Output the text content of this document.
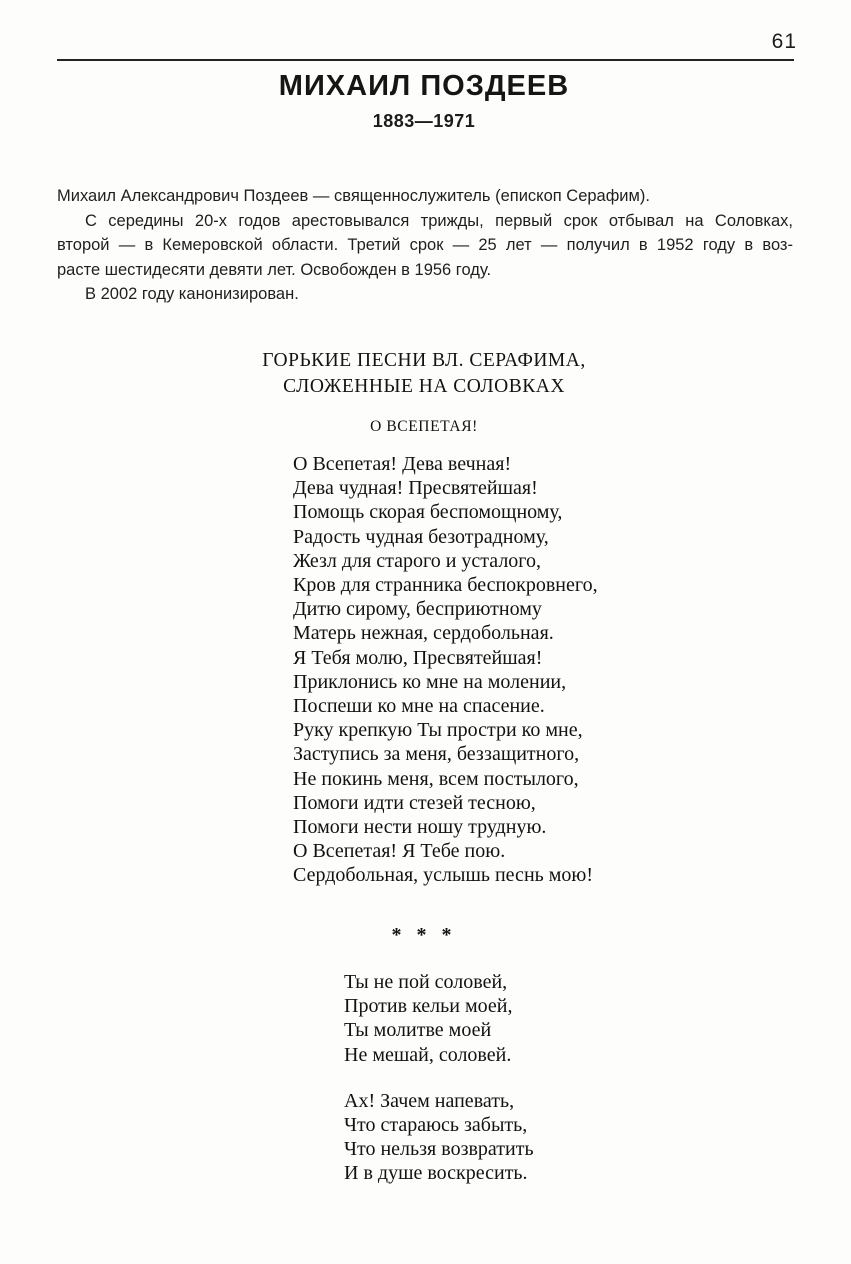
61
МИХАИЛ ПОЗДЕЕВ
1883—1971
Михаил Александрович Поздеев — священнослужитель (епископ Серафим).
С середины 20-х годов арестовывался трижды, первый срок отбывал на Соловках,
второй — в Кемеровской области. Третий срок — 25 лет — получил в 1952 году в воз-
расте шестидесяти девяти лет. Освобожден в 1956 году.
В 2002 году канонизирован.
ГОРЬКИЕ ПЕСНИ ВЛ. СЕРАФИМА,
СЛОЖЕННЫЕ НА СОЛОВКАХ
О ВСЕПЕТАЯ!
О Всепетая! Дева вечная!
Дева чудная! Пресвятейшая!
Помощь скорая беспомощному,
Радость чудная безотрадному,
Жезл для старого и усталого,
Кров для странника беспокровнего,
Дитю сирому, бесприютному
Матерь нежная, сердобольная.
Я Тебя молю, Пресвятейшая!
Приклонись ко мне на молении,
Поспеши ко мне на спасение.
Руку крепкую Ты простри ко мне,
Заступись за меня, беззащитного,
Не покинь меня, всем постылого,
Помоги идти стезей тесною,
Помоги нести ношу трудную.
О Всепетая! Я Тебе пою.
Сердобольная, услышь песнь мою!
* * *
Ты не пой соловей,
Против кельи моей,
Ты молитве моей
Не мешай, соловей.
Ах! Зачем напевать,
Что стараюсь забыть,
Что нельзя возвратить
И в душе воскресить.
